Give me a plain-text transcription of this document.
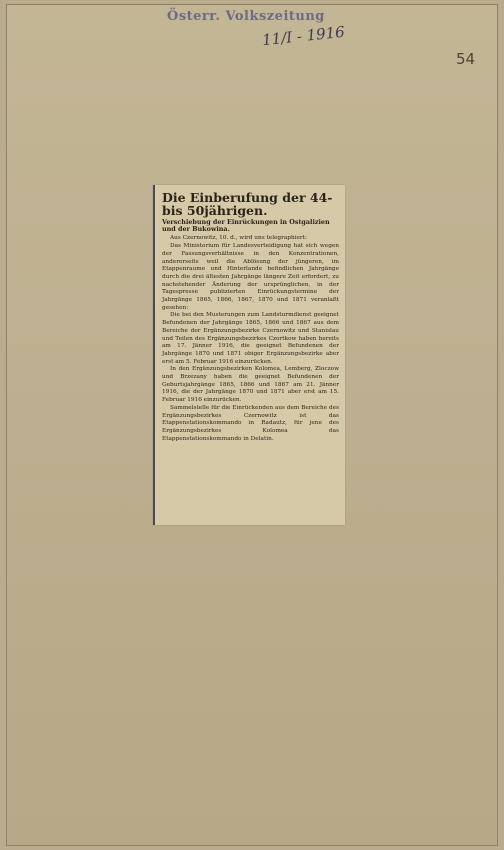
Österr. Volkszeitung
11/I - 1916
54
Die Einberufung der 44- bis 50jährigen.
Verschiebung der Einrückungen in Ostgalizien und der Bukowina.

Aus Czernowitz, 10. d., wird uns telegraphiert:

Das Ministerium für Landesverteidigung hat sich wegen der Fassungsverhältnisse in den Konzentrationen, andererseits weil die Ablösung der jüngeren, im Etappenraume und Hinterlande befindlichen Jahrgänge durch die drei ältesten Jahrgänge längere Zeit erfordert, zu nachstehender Änderung der ursprünglichen, in der Tagespresse publizierten Einrückungstermine der Jahrgänge 1865, 1866, 1867, 1870 und 1871 veranlaßt gesehen:

Die bei den Musterungen zum Landsturmdienst geeignet Befundenen der Jahrgänge 1865, 1866 und 1867 aus dem Bereiche der Ergänzungsbezirke Czernowitz und Stanislau und Teilen des Ergänzungsbezirkes Czortkow haben bereits am 17. Jänner 1916, die geeignet Befundenen der Jahrgänge 1870 und 1871 obiger Ergänzungsbezirke aber erst am 5. Februar 1916 einzurücken.

In den Ergänzungsbezirken Kolomea, Lemberg, Zloczow und Brzezany haben die geeignet Befundenen der Geburtsjahrgänge 1865, 1866 und 1867 am 21. Jänner 1916, die der Jahrgänge 1870 und 1871 aber erst am 15. Februar 1916 einzurücken.

Sammelstelle für die Einrückenden aus dem Bereiche des Ergänzungsbezirkes Czernowitz ist das Etappenstationskommando in Radautz, für jene des Ergänzungsbezirkes Kolomea das Etappenstationskommando in Delatin.
